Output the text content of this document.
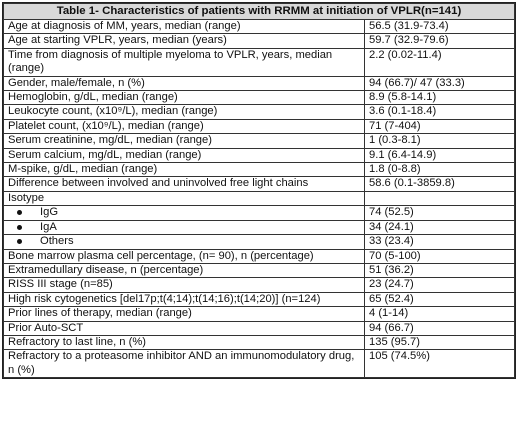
Table 1- Characteristics of patients with RRMM at initiation of VPLR(n=141)	
Age at diagnosis of MM, years, median (range)	56.5 (31.9-73.4)
Age at starting VPLR, years, median (years)	59.7 (32.9-79.6)
Time from diagnosis of multiple myeloma to VPLR, years, median (range)	2.2 (0.02-11.4)
Gender, male/female, n (%)	94 (66.7)/ 47 (33.3)
Hemoglobin, g/dL, median (range)	8.9 (5.8-14.1)
Leukocyte count, (x10⁹/L), median (range)	3.6 (0.1-18.4)
Platelet count, (x10⁹/L), median (range)	71 (7-404)
Serum creatinine, mg/dL, median (range)	1 (0.3-8.1)
Serum calcium, mg/dL, median (range)	9.1 (6.4-14.9)
M-spike, g/dL, median (range)	1.8 (0-8.8)
Difference between involved and uninvolved free light chains	58.6 (0.1-3859.8)
Isotype	

IgG	74 (52.5)

IgA	34 (24.1)

Others	33 (23.4)
Bone marrow plasma cell percentage, (n= 90), n (percentage)	70 (5-100)
Extramedullary disease, n (percentage)	51 (36.2)
RISS III stage (n=85)	23 (24.7)
High risk cytogenetics [del17p;t(4;14);t(14;16);t(14;20)] (n=124)	65 (52.4)
Prior lines of therapy, median (range)	4 (1-14)
Prior Auto-SCT	94 (66.7)
Refractory to last line, n (%)	135 (95.7)
Refractory to a proteasome inhibitor AND an immunomodulatory drug, n (%)	105 (74.5%)
